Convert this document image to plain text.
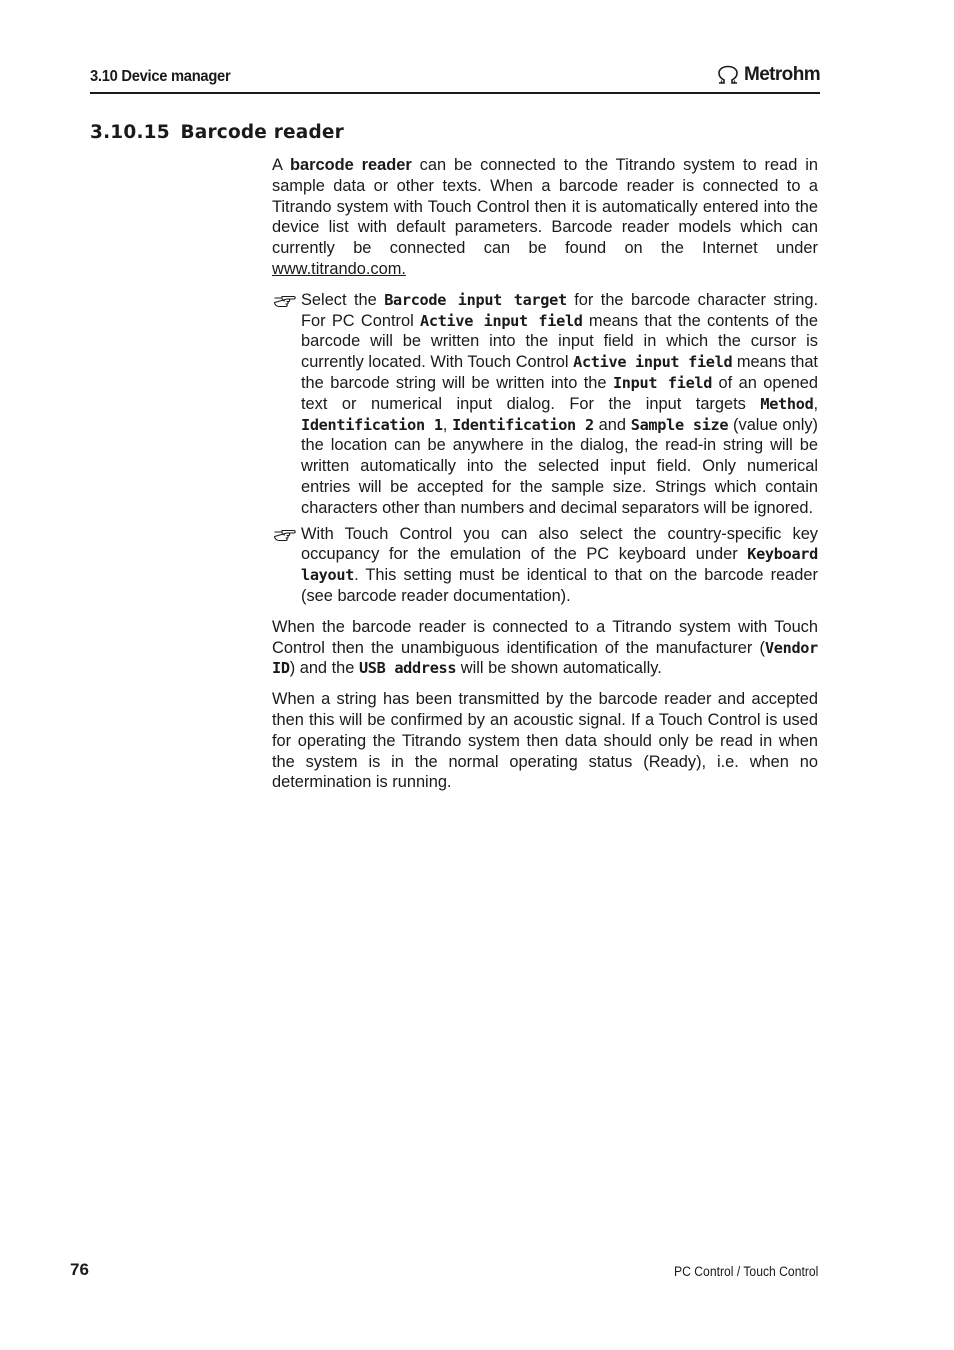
3.10 Device manager	Metrohm
3.10.15 Barcode reader

A barcode reader can be connected to the Titrando system to read in sample data or other texts. When a barcode reader is connected to a Titrando system with Touch Control then it is automatically entered into the device list with default parameters. Barcode reader models which can currently be connected can be found on the Internet under www.titrando.com.

Select the Barcode input target for the barcode character string. For PC Control Active input field means that the contents of the barcode will be written into the input field in which the cursor is currently located. With Touch Control Active input field means that the barcode string will be written into the Input field of an opened text or numerical input dialog. For the input targets Method, Identification 1, Identification 2 and Sample size (value only) the location can be anywhere in the dialog, the read-in string will be written automatically into the selected input field. Only numerical entries will be accepted for the sample size. Strings which contain characters other than numbers and decimal separators will be ignored.
With Touch Control you can also select the country-specific key occupancy for the emulation of the PC keyboard under Keyboard layout. This setting must be identical to that on the barcode reader (see barcode reader documentation).

When the barcode reader is connected to a Titrando system with Touch Control then the unambiguous identification of the manufacturer (Vendor ID) and the USB address will be shown automatically.

When a string has been transmitted by the barcode reader and accepted then this will be confirmed by an acoustic signal. If a Touch Control is used for operating the Titrando system then data should only be read in when the system is in the normal operating status (Ready), i.e. when no determination is running.

76	PC Control / Touch Control
